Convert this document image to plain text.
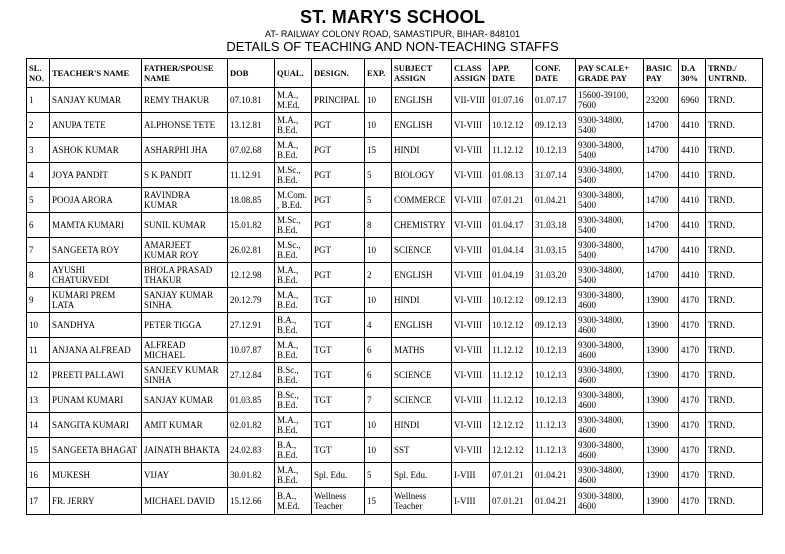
ST. MARY'S SCHOOL
AT- RAILWAY COLONY ROAD, SAMASTIPUR, BIHAR- 848101
DETAILS OF TEACHING AND NON-TEACHING STAFFS
SL. NO.	TEACHER'S NAME	FATHER/SPOUSE NAME	DOB	QUAL.	DESIGN.	EXP.	SUBJECT ASSIGN	CLASS ASSIGN	APP. DATE	CONF. DATE	PAY SCALE+ GRADE PAY	BASIC PAY	D.A 30%	TRND./ UNTRND.
1	SANJAY KUMAR	REMY THAKUR	07.10.81	M.A., M.Ed.	PRINCIPAL	10	ENGLISH	VII-VIII	01.07.16	01.07.17	15600-39100, 7600	23200	6960	TRND.
2	ANUPA TETE	ALPHONSE TETE	13.12.81	M.A., B.Ed.	PGT	10	ENGLISH	VI-VIII	10.12.12	09.12.13	9300-34800, 5400	14700	4410	TRND.
3	ASHOK KUMAR	ASHARPHI JHA	07.02.68	M.A., B.Ed.	PGT	15	HINDI	VI-VIII	11.12.12	10.12.13	9300-34800, 5400	14700	4410	TRND.
4	JOYA PANDIT	S K PANDIT	11.12.91	M.Sc., B.Ed.	PGT	5	BIOLOGY	VI-VIII	01.08.13	31.07.14	9300-34800, 5400	14700	4410	TRND.
5	POOJA ARORA	RAVINDRA KUMAR	18.08.85	M.Com. , B.Ed.	PGT	5	COMMERCE	VI-VIII	07.01.21	01.04.21	9300-34800, 5400	14700	4410	TRND.
6	MAMTA KUMARI	SUNIL KUMAR	15.01.82	M.Sc., B.Ed.	PGT	8	CHEMISTRY	VI-VIII	01.04.17	31.03.18	9300-34800, 5400	14700	4410	TRND.
7	SANGEETA ROY	AMARJEET KUMAR ROY	26.02.81	M.Sc., B.Ed.	PGT	10	SCIENCE	VI-VIII	01.04.14	31.03.15	9300-34800, 5400	14700	4410	TRND.
8	AYUSHI CHATURVEDI	BHOLA PRASAD THAKUR	12.12.98	M.A., B.Ed.	PGT	2	ENGLISH	VI-VIII	01.04.19	31.03.20	9300-34800, 5400	14700	4410	TRND.
9	KUMARI PREM LATA	SANJAY KUMAR SINHA	20.12.79	M.A., B.Ed.	TGT	10	HINDI	VI-VIII	10.12.12	09.12.13	9300-34800, 4600	13900	4170	TRND.
10	SANDHYA	PETER TIGGA	27.12.91	B.A., B.Ed.	TGT	4	ENGLISH	VI-VIII	10.12.12	09.12.13	9300-34800, 4600	13900	4170	TRND.
11	ANJANA ALFREAD	ALFREAD MICHAEL	10.07.87	M.A., B.Ed.	TGT	6	MATHS	VI-VIII	11.12.12	10.12.13	9300-34800, 4600	13900	4170	TRND.
12	PREETI PALLAWI	SANJEEV KUMAR SINHA	27.12.84	B.Sc., B.Ed.	TGT	6	SCIENCE	VI-VIII	11.12.12	10.12.13	9300-34800, 4600	13900	4170	TRND.
13	PUNAM KUMARI	SANJAY KUMAR	01.03.85	B.Sc., B.Ed.	TGT	7	SCIENCE	VI-VIII	11.12.12	10.12.13	9300-34800, 4600	13900	4170	TRND.
14	SANGITA KUMARI	AMIT KUMAR	02.01.82	M.A., B.Ed.	TGT	10	HINDI	VI-VIII	12.12.12	11.12.13	9300-34800, 4600	13900	4170	TRND.
15	SANGEETA BHAGAT	JAINATH BHAKTA	24.02.83	B.A., B.Ed.	TGT	10	SST	VI-VIII	12.12.12	11.12.13	9300-34800, 4600	13900	4170	TRND.
16	MUKESH	VIJAY	30.01.82	M.A., B.Ed.	Spl. Edu.	5	Spl. Edu.	I-VIII	07.01.21	01.04.21	9300-34800, 4600	13900	4170	TRND.
17	FR. JERRY	MICHAEL DAVID	15.12.66	B.A., M.Ed.	Wellness Teacher	15	Wellness Teacher	I-VIII	07.01.21	01.04.21	9300-34800, 4600	13900	4170	TRND.
